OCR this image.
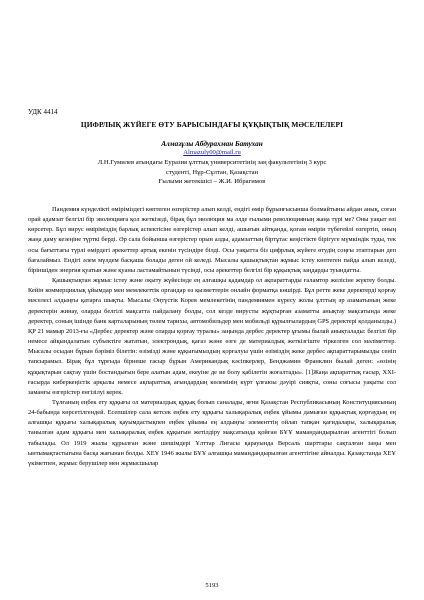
УДК 4414
ЦИФРЛЫҚ ЖҮЙЕГЕ ӨТУ БАРЫСЫНДАҒЫ ҚҰҚЫҚТЫҚ МӘСЕЛЕЛЕРІ
Алмазұлы Абдурахман Батухан
Almazuly00@mail.ru
Л.Н.Гумилев атындағы Еуразия ұлттық университетінің заң факультетінің 3 курс
студенті, Нұр-Сұлтан, Қазақстан
Ғылыми жетекшісі – Ж.И. Ибрагимов

Пандемия күнделікті өміріміздегі көптеген өзгерістер алып келді, ендігі өмір бұрынғысынша болмайтыны айдан анық, соған орай адамзат белгілі бір эволюцияға қол жеткізеді, бірақ бұл эволюция ма әлде ғылыми революцияның жаңа түрі ме? Оны уақыт өзі көрсетер. Бұл вирус өміріміздің барлық аспектісіне өзгерістер алып келді, ашығын айтқанда, қоғам өмірін түбегейлі өзгертіп, оның жаңа даму кезеңіне түрткі берді. Әр сала бойынша өзгерістер орын алды, адамзаттың біртұтас кеңістікте бірігуге мүмкіндік туды, тек осы бағыттағы түрлі өмірдегі әрекеттер артық екенін түсіндіре білді. Осы уақытта біз цифрлық жүйеге өтудің соңғы этаптарын деп бағалаймыз. Ендігі әлем мүлдем басқаша болады деген ой келеді. Мысалы қашықтықтан жұмыс істеу көптеген пайда алып келеді, біріншіден энергия қуатын және қуаны ластамайтынын түсінді, осы әрекеттер белгілі бір құқықтық заңдарды туындатты.

Қашықтықтан жұмыс істеу және оқыту жүйесінде ең алғашқы қадамдар ол ақпараттарды ғаламтор желісіне жүктеу болды. Кейін коммерциялық ұйымдар мен мемлекеттік органдар өз қызметтерін онлайн форматқа көшірді. Бұл ретте жеке деректерді қорғау мәселесі алдыңғы қатарға шықты. Мысалы Оңтүстік Корея мемлекетінің пандемиямен күресу жолы ұлттың әр азаматының жеке деректерін жинау, оларды белгілі мақсатта пайдалану болды, сол кезде вирусты жұқтырған азаматты анықтау мақсатында жеке деректер, соның ішінде банк карталарының төлем тарихы, автомобильдер мен мобильді құрылғылардың GPS деректері қолданылды.) ҚР 21 мамыр 2013-ғы «Дербес деректер және оларды қорғау туралы» заңында дербес деректер ұғымы былай анықталады: белгілі бір немесе айқындалатын субъектіге жататын, электрондық, қағаз және өзге де материалдық жеткізгіште тіркелген сол мәліметтер. Мысалы осыдан бұрын бәріміз білетін: өзімізді және құқығымыздың қорғалуы үшін өзіміздің жеке дербес ақпараттарымызды сеніп тапсырамыз. Бірақ бұл тұрғыда бірнеше ғасыр бұрын Американдық кәсіпкерлер, Бенджамин Франклин былай деген: «өзінің құқықтарын сақтау үшін бостандығын бере алатын адам, екеуіне де ие болу қабілетін жоғалтады». [1]Жаңа ақпараттық ғасыр, ХХІ-ғасырда киберкеңістік арқылы немесе ақпараттық ағындардың көлемінің күрт ұлғаюы дәуірі сияқты, соны соғысы уақыты сол заманғы өзгерістер енгізілуі керек.

Тұлғаның еңбек ету құқығы ол материалдық құқық болып саналады, яғни Қазақстан Республикасының Конституциясының 24-бабында көрсетілгендей. Есепшілер сала кетсек еңбек ету құқығы халықаралық еңбек ұйымы дамыған құқықтық қорғаудың ең алғашқы құқығы халықаралық қауымдастықпен еңбек ұйымы ең алдыңғы элементтің ойлап тапқан қағидалары, халықаралық танылған адам құқығы мен халықаралық еңбек құқығын жетілдіру мақсатында қойған БҰҰ мамандандырылған агенттігі болып табылады. Ол 1919 жылы құрылған және шешімдері Ұлттар Лигасы қарауында Версаль шарттары сақталған заңы мен ынтымақтастығына басқа жағынан болды. ХЕҰ 1946 жылы БҰҰ алғашқы мамандандырылған агенттігіне айналды. Қазақстанда ХЕҰ үкіметпен, жұмыс берушілер мен жұмысшылар

5193
